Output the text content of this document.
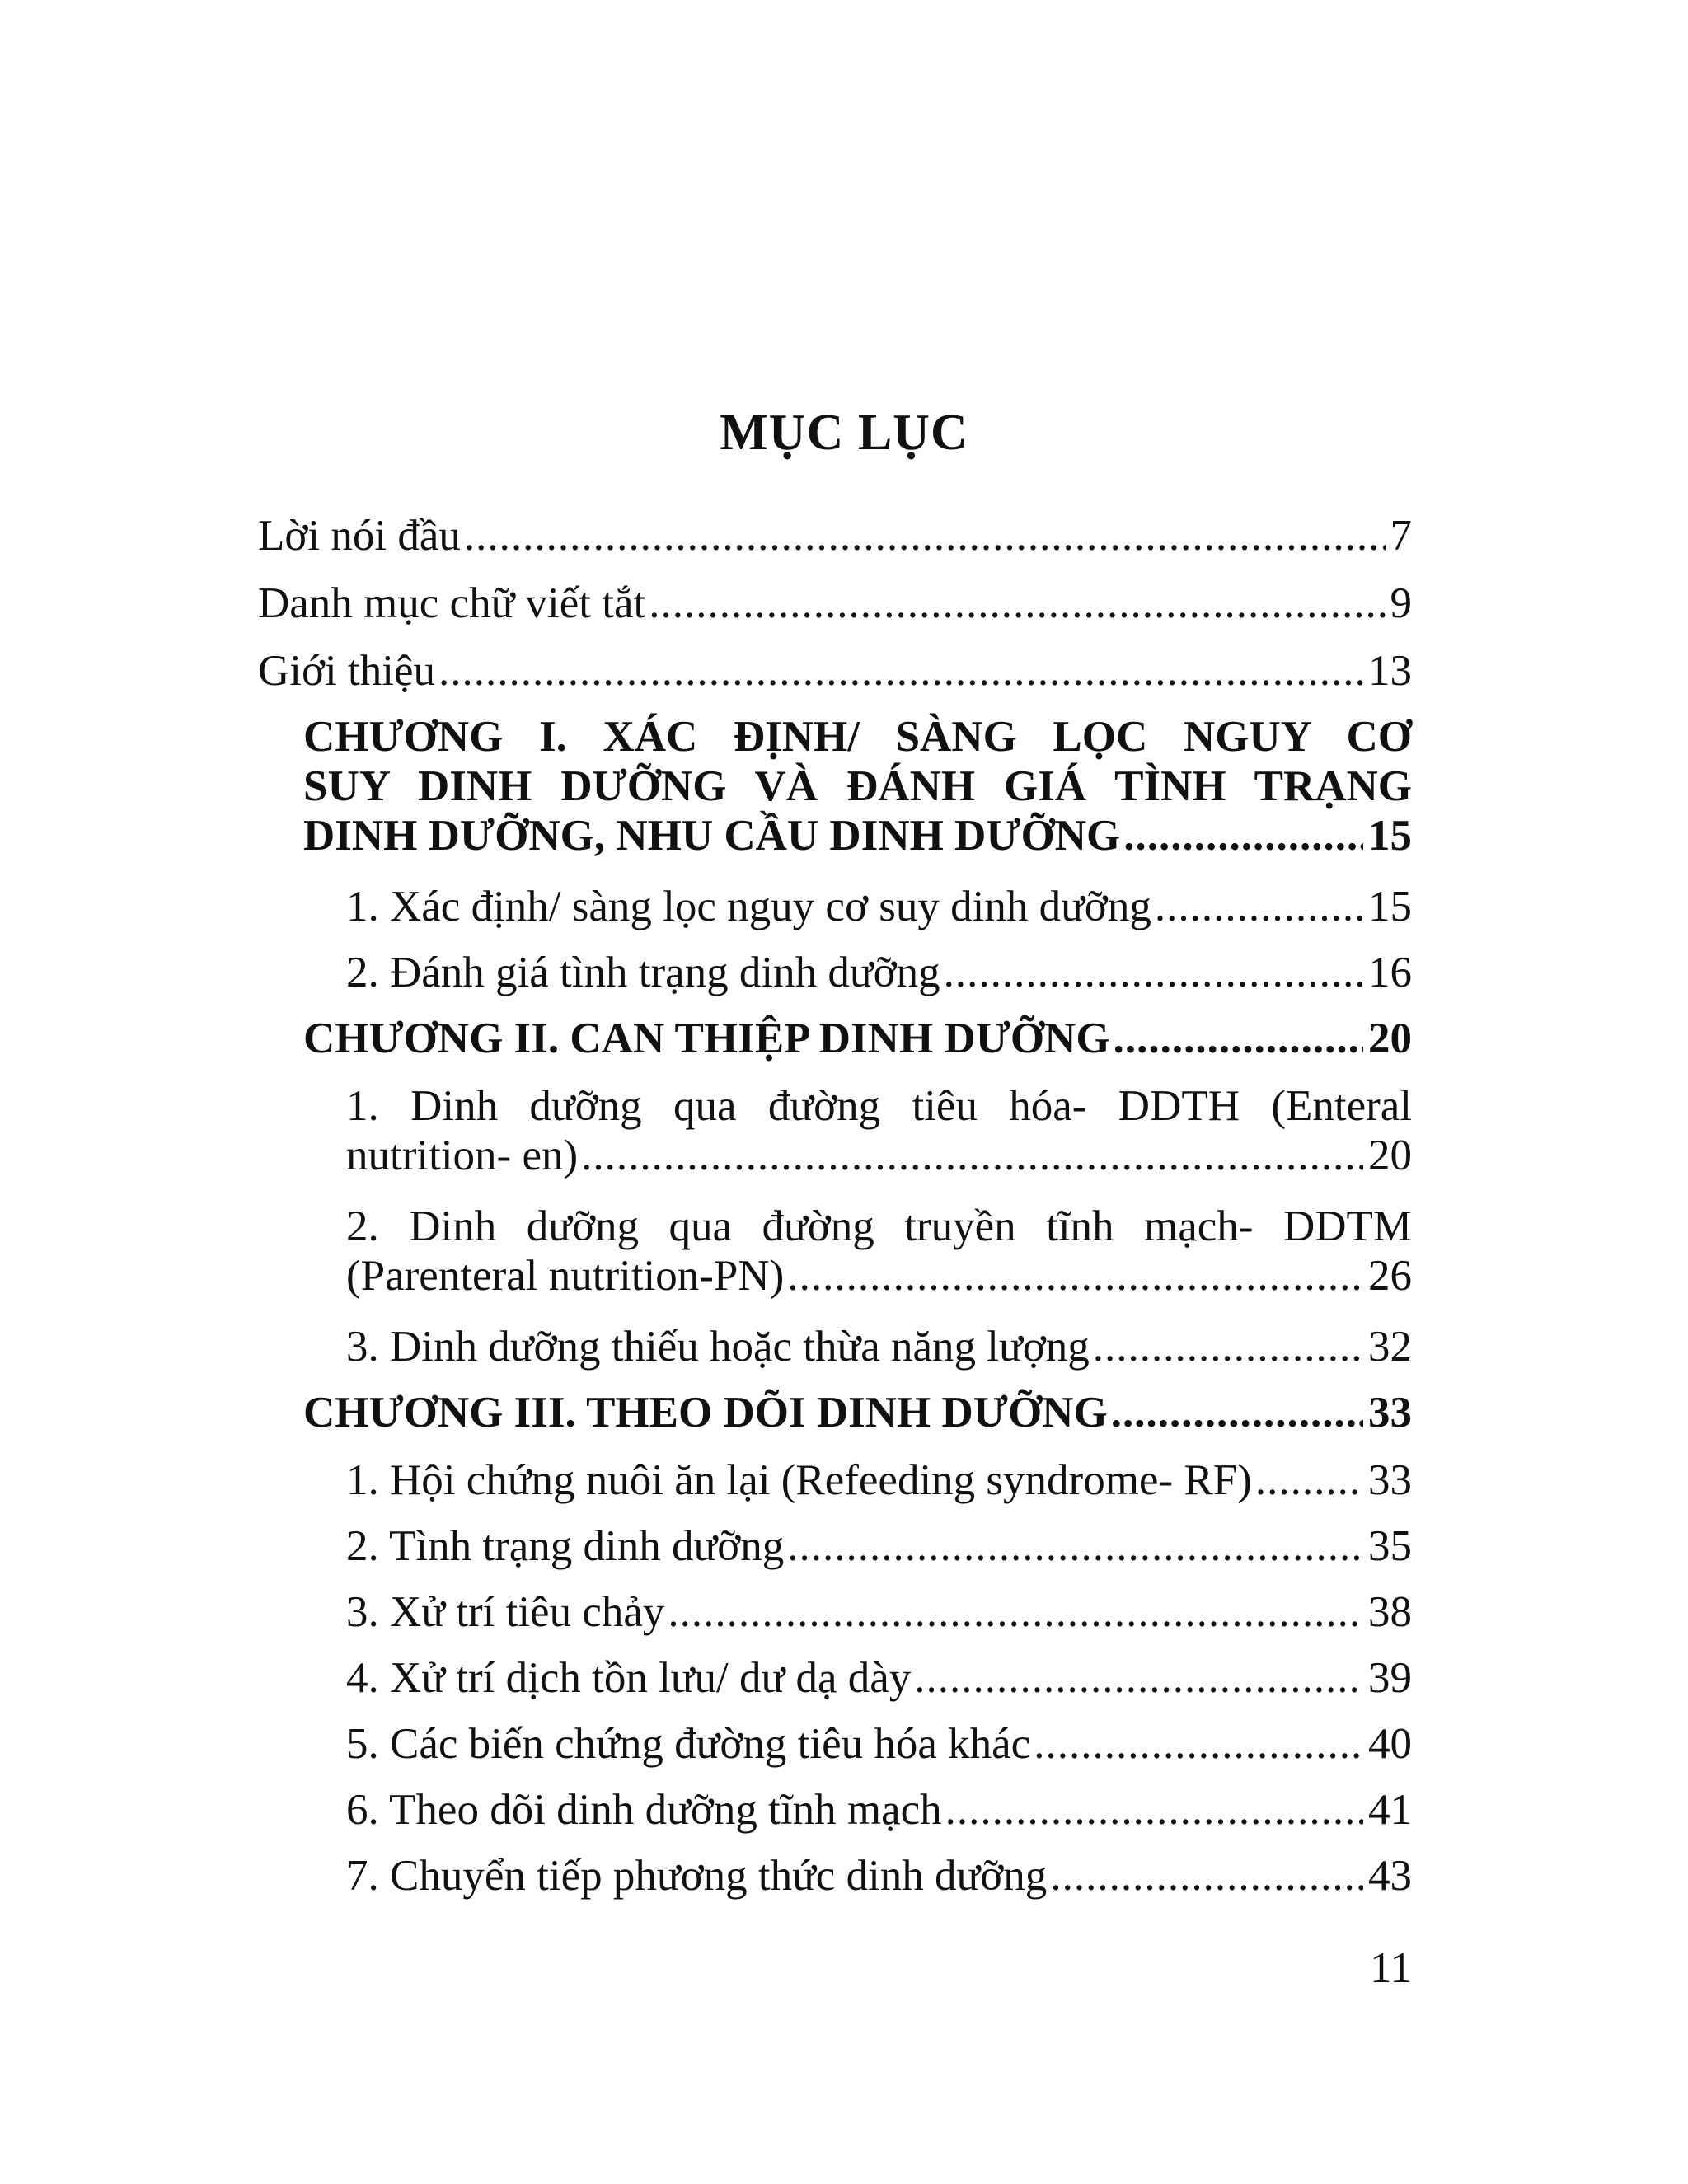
MỤC LỤC
Lời nói đầu .....	7
Danh mục chữ viết tắt .....	9
Giới thiệu .....	13
CHƯƠNG I. XÁC ĐỊNH/ SÀNG LỌC NGUY CƠ
SUY DINH DƯỠNG VÀ ĐÁNH GIÁ TÌNH TRẠNG
DINH DƯỠNG, NHU CẦU DINH DƯỠNG .....	15
1. Xác định/ sàng lọc nguy cơ suy dinh dưỡng .....	15
2. Đánh giá tình trạng dinh dưỡng .....	16
CHƯƠNG II. CAN THIỆP DINH DƯỠNG .....	20
1. Dinh dưỡng qua đường tiêu hóa- DDTH (Enteral
nutrition- en) .....	20
2. Dinh dưỡng qua đường truyền tĩnh mạch- DDTM
(Parenteral nutrition-PN) .....	26
3. Dinh dưỡng thiếu hoặc thừa năng lượng .....	32
CHƯƠNG III. THEO DÕI DINH DƯỠNG .....	33
1. Hội chứng nuôi ăn lại (Refeeding syndrome- RF) .....	33
2. Tình trạng dinh dưỡng .....	35
3. Xử trí tiêu chảy .....	38
4. Xử trí dịch tồn lưu/ dư dạ dày .....	39
5. Các biến chứng đường tiêu hóa khác .....	40
6. Theo dõi dinh dưỡng tĩnh mạch .....	41
7. Chuyển tiếp phương thức dinh dưỡng .....	43
11
